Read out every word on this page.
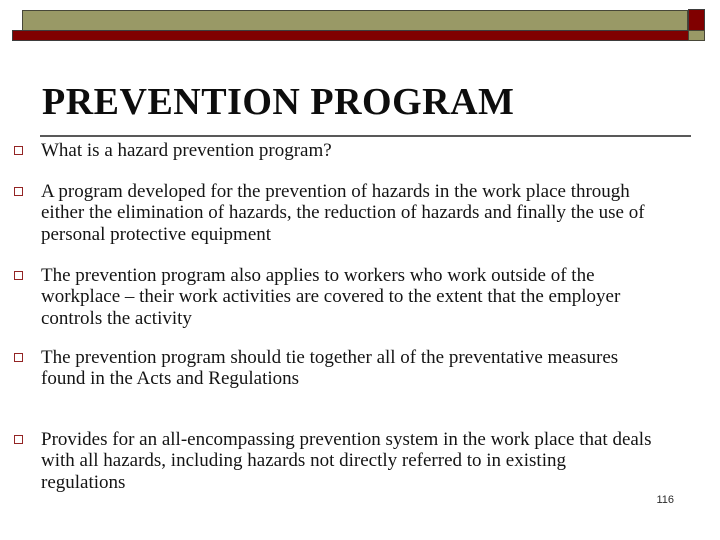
PREVENTION PROGRAM
What is a hazard prevention program?
A program developed for the prevention of hazards in the work place through
either the elimination of hazards, the reduction of hazards and finally the use of
personal protective equipment
The prevention program also applies to workers who work outside of the
workplace – their work activities are covered to the extent that the employer
controls the activity
The prevention program should tie together all of the preventative measures
found in the Acts and Regulations
Provides for an all-encompassing prevention system in the work place that deals
with all hazards, including hazards not directly referred to in existing
regulations
116
